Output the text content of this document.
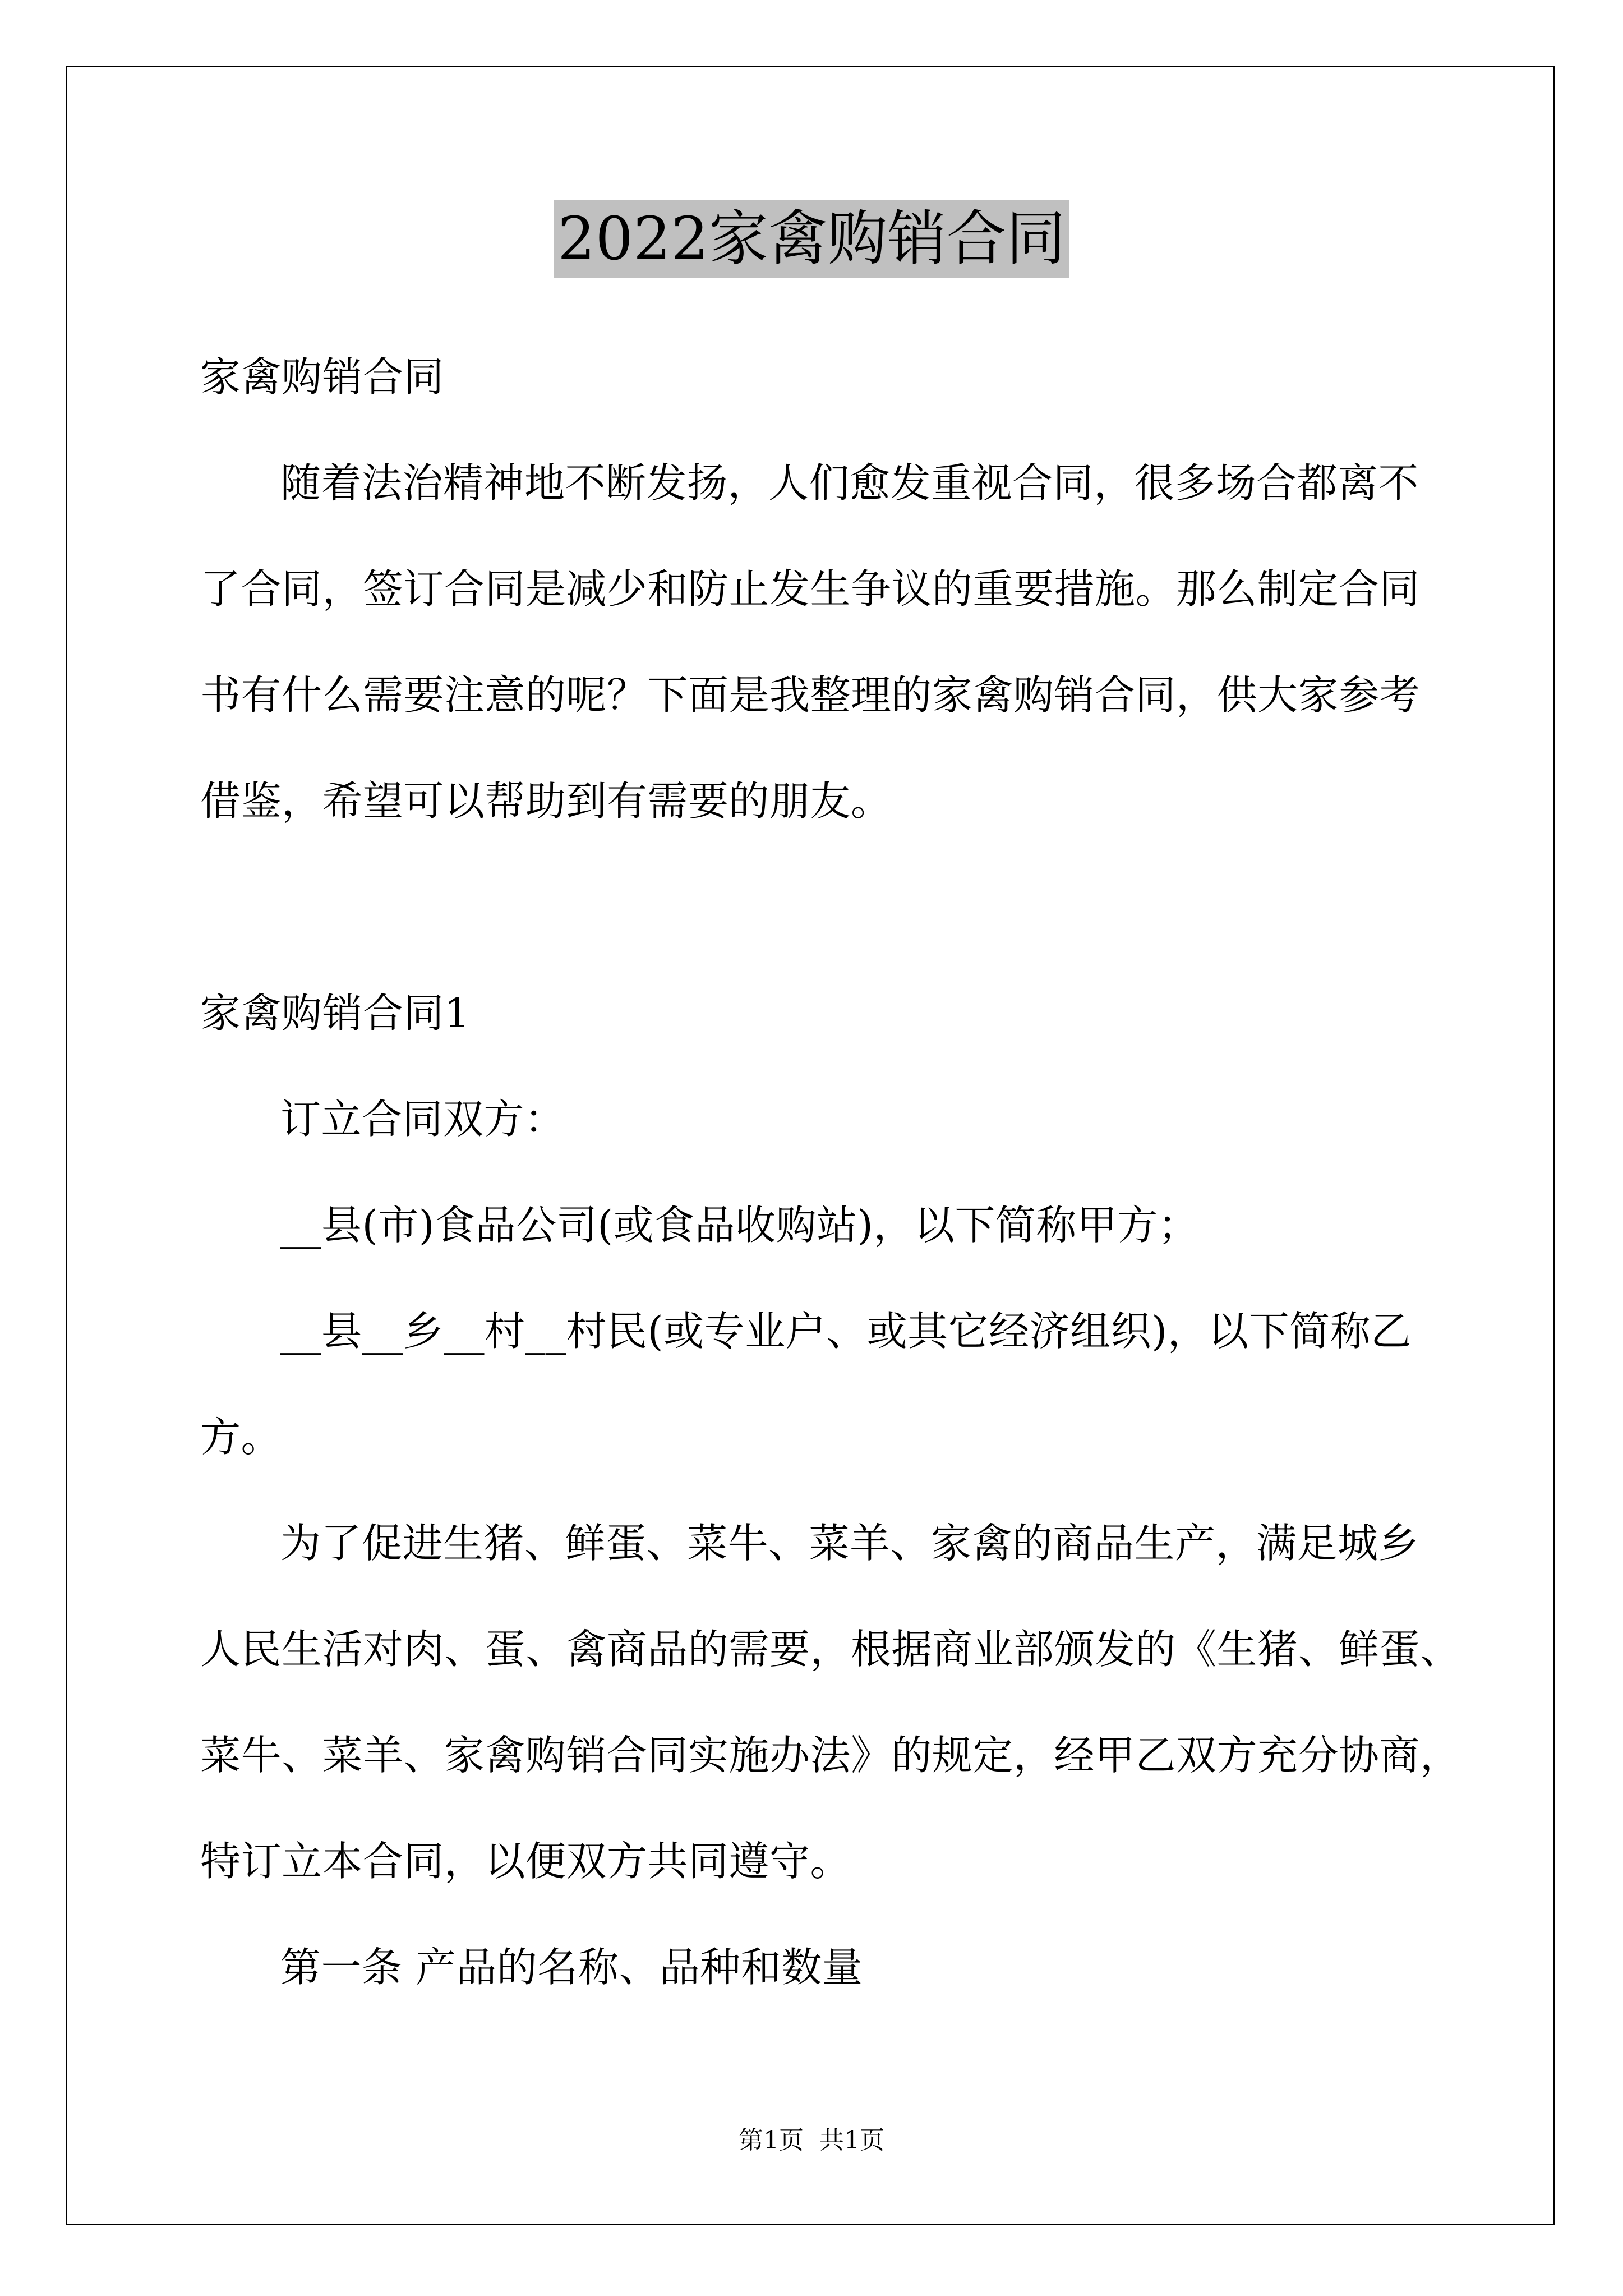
2022家禽购销合同
家禽购销合同
随着法治精神地不断发扬，人们愈发重视合同，很多场合都离不
了合同，签订合同是减少和防止发生争议的重要措施。那么制定合同
书有什么需要注意的呢？下面是我整理的家禽购销合同，供大家参考
借鉴，希望可以帮助到有需要的朋友。
家禽购销合同1
订立合同双方：
__县(市)食品公司(或食品收购站)，以下简称甲方；
__县__乡__村__村民(或专业户、或其它经济组织)，以下简称乙
方。
为了促进生猪、鲜蛋、菜牛、菜羊、家禽的商品生产，满足城乡
人民生活对肉、蛋、禽商品的需要，根据商业部颁发的《生猪、鲜蛋、
菜牛、菜羊、家禽购销合同实施办法》的规定，经甲乙双方充分协商，
特订立本合同，以便双方共同遵守。
第一条 产品的名称、品种和数量
第1页  共1页
